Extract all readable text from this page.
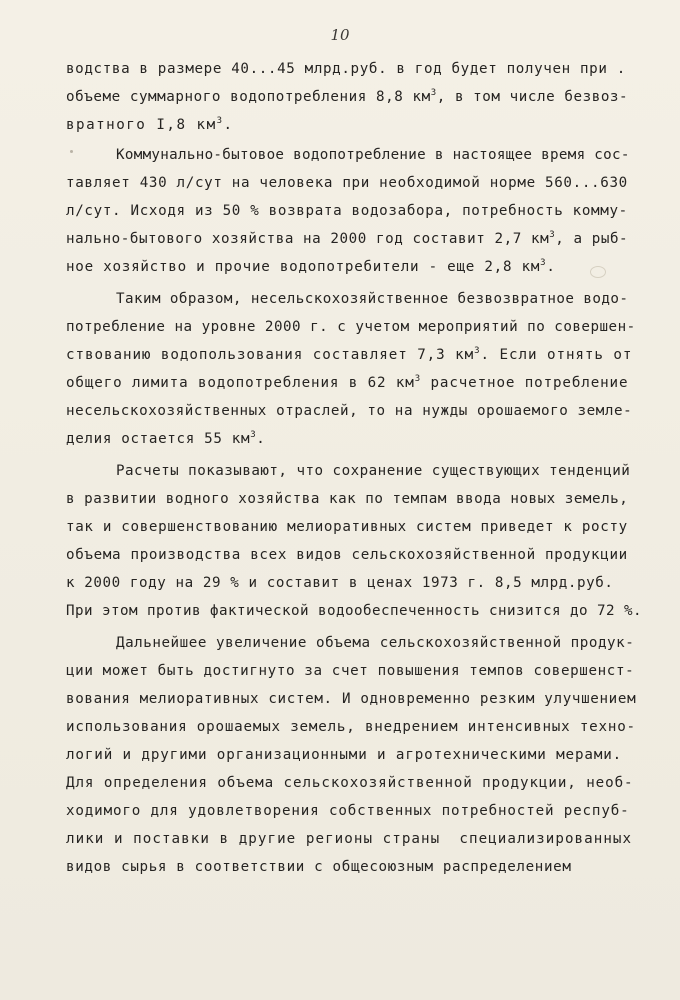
10
водства в размере 40...45 млрд.руб. в год будет получен при .
объеме суммарного водопотребления 8,8 $км^3$, в том числе безвоз-
вратного I,8 $км^3$.
Коммунально-бытовое водопотребление в настоящее время сос-
тавляет 430 л/сут на человека при необходимой норме 560...630
л/сут. Исходя из 50 % возврата водозабора, потребность комму-
нально-бытового хозяйства на 2000 год составит 2,7 $км^3$, а рыб-
ное хозяйство и прочие водопотребители - еще 2,8 $км^3$.
Таким образом, несельскохозяйственное безвозвратное водо-
потребление на уровне 2000 г. с учетом мероприятий по совершен-
ствованию водопользования составляет 7,3 $км^3$. Если отнять от
общего лимита водопотребления в 62 $км^3$ расчетное потребление
несельскохозяйственных отраслей, то на нужды орошаемого земле-
делия остается 55 $км^3$.
Расчеты показывают, что сохранение существующих тенденций
в развитии водного хозяйства как по темпам ввода новых земель,
так и совершенствованию мелиоративных систем приведет к росту
объема производства всех видов сельскохозяйственной продукции
к 2000 году на 29 % и составит в ценах 1973 г. 8,5 млрд.руб.
При этом против фактической водообеспеченность снизится до 72 %.
Дальнейшее увеличение объема сельскохозяйственной продук-
ции может быть достигнуто за счет повышения темпов совершенст-
вования мелиоративных систем. И одновременно резким улучшением
использования орошаемых земель, внедрением интенсивных техно-
логий и другими организационными и агротехническими мерами.
Для определения объема сельскохозяйственной продукции, необ-
ходимого для удовлетворения собственных потребностей респуб-
лики и поставки в другие регионы страны  специализированных
видов сырья в соответствии с общесоюзным распределением
